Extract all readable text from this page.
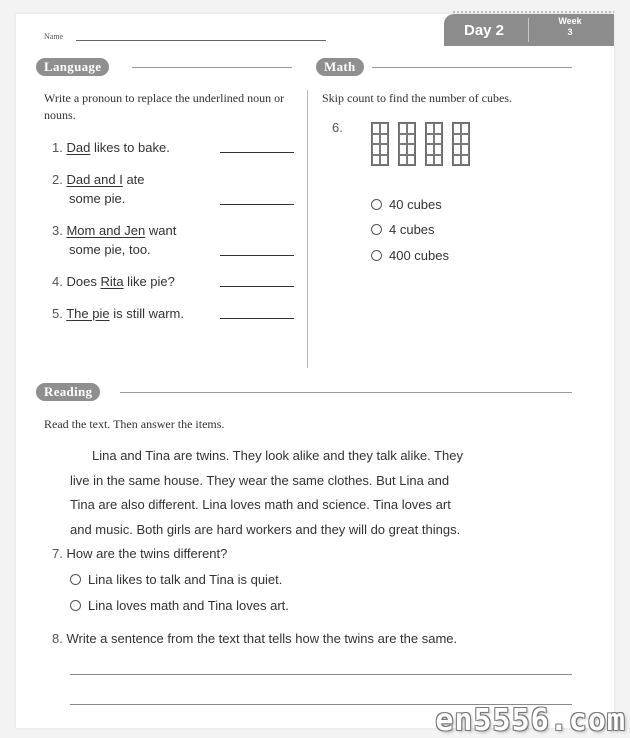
Name	Day 2
Week
3
Language	Math
Write a pronoun to replace the underlined noun or nouns.
1. Dad likes to bake.
2. Dad and I ate
some pie.
3. Mom and Jen want
some pie, too.
4. Does Rita like pie?
5. The pie is still warm.
Skip count to find the number of cubes.
6.
40 cubes
4 cubes
400 cubes
Reading
Read the text. Then answer the items.
Lina and Tina are twins. They look alike and they talk alike. They
live in the same house. They wear the same clothes. But Lina and
Tina are also different. Lina loves math and science. Tina loves art
and music. Both girls are hard workers and they will do great things.
7. How are the twins different?
Lina likes to talk and Tina is quiet.
Lina loves math and Tina loves art.
8. Write a sentence from the text that tells how the twins are the same.
en5556.com
